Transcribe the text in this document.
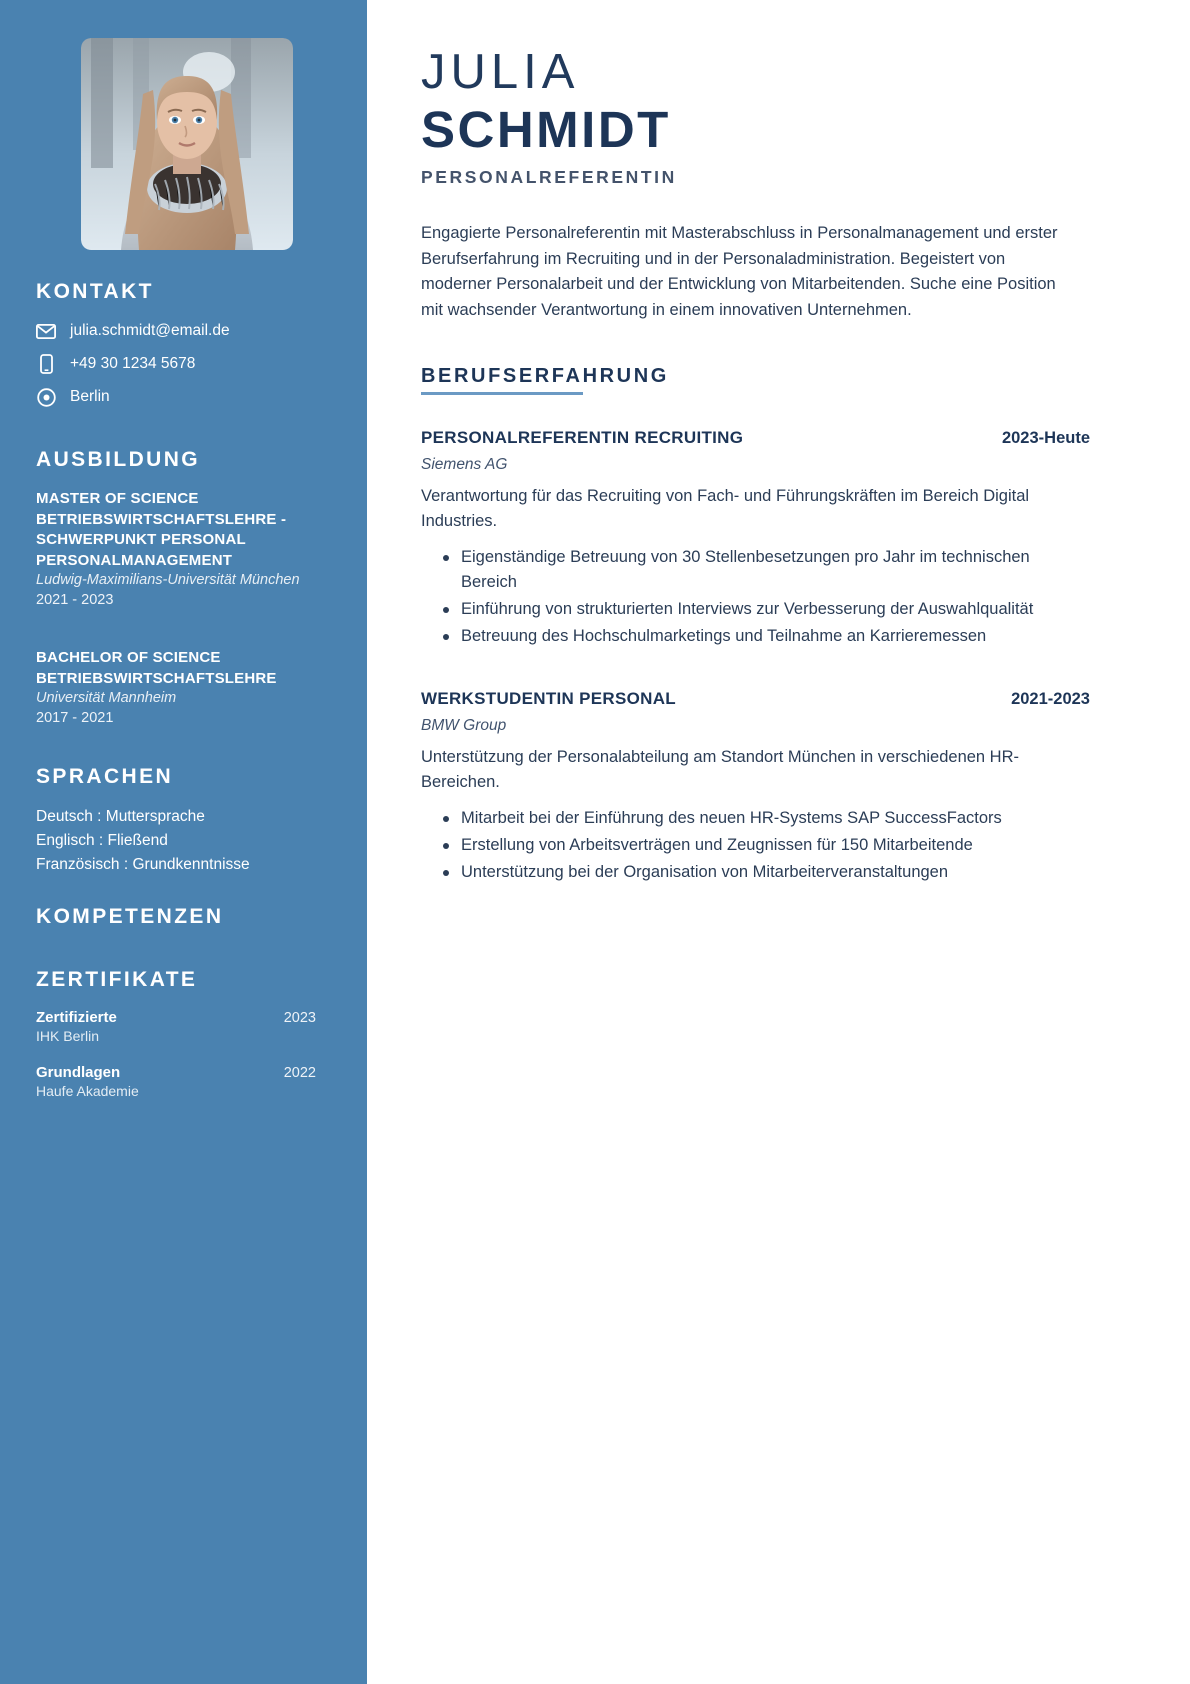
KONTAKT
julia.schmidt@email.de
+49 30 1234 5678
Berlin
AUSBILDUNG

MASTER OF SCIENCE BETRIEBSWIRTSCHAFTSLEHRE - SCHWERPUNKT PERSONAL PERSONALMANAGEMENT

Ludwig-Maximilians-Universität München

2021 - 2023

BACHELOR OF SCIENCE BETRIEBSWIRTSCHAFTSLEHRE

Universität Mannheim

2017 - 2021

SPRACHEN

Deutsch : Muttersprache

Englisch : Fließend

Französisch : Grundkenntnisse

KOMPETENZEN
ZERTIFIKATE
Zertifizierte	2023
IHK Berlin
Grundlagen	2022
Haufe Akademie
JULIA
SCHMIDT

PERSONALREFERENTIN

Engagierte Personalreferentin mit Masterabschluss in Personalmanagement und erster Berufserfahrung im Recruiting und in der Personaladministration. Begeistert von moderner Personalarbeit und der Entwicklung von Mitarbeitenden. Suche eine Position mit wachsender Verantwortung in einem innovativen Unternehmen.

BERUFSERFAHRUNG
PERSONALREFERENTIN RECRUITING	2023-Heute

Siemens AG

Verantwortung für das Recruiting von Fach- und Führungskräften im Bereich Digital Industries.

Eigenständige Betreuung von 30 Stellenbesetzungen pro Jahr im technischen Bereich
Einführung von strukturierten Interviews zur Verbesserung der Auswahlqualität
Betreuung des Hochschulmarketings und Teilnahme an Karrieremessen
WERKSTUDENTIN PERSONAL	2021-2023

BMW Group

Unterstützung der Personalabteilung am Standort München in verschiedenen HR-Bereichen.

Mitarbeit bei der Einführung des neuen HR-Systems SAP SuccessFactors
Erstellung von Arbeitsverträgen und Zeugnissen für 150 Mitarbeitende
Unterstützung bei der Organisation von Mitarbeiterveranstaltungen
